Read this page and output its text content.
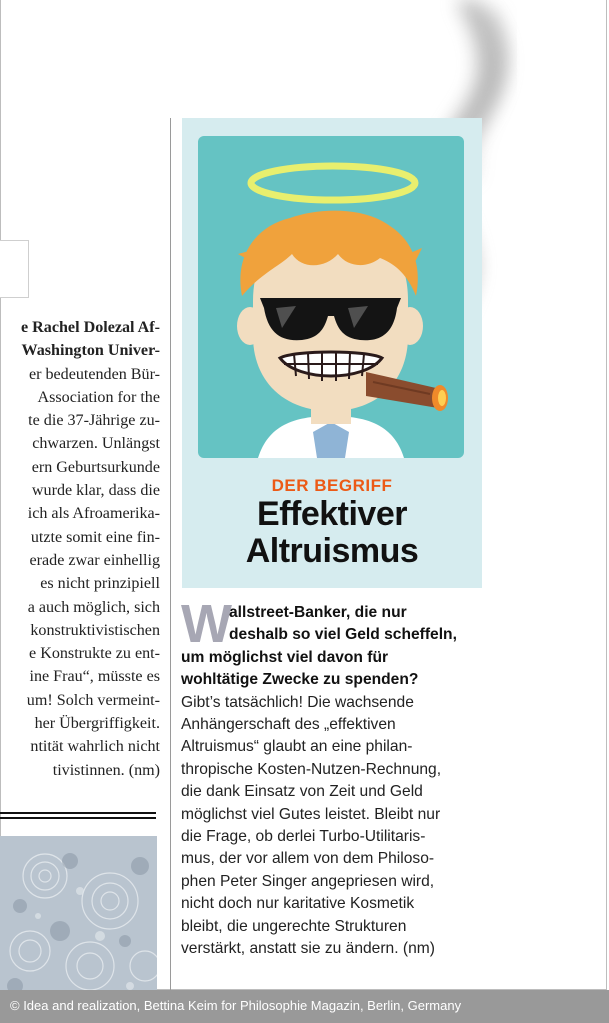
e Rachel Dolezal Af-
Washington Univer-
er bedeutenden Bür-
Association for the
te die 37-Jährige zu-
chwarzen. Unlängst
ern Geburtsurkunde
wurde klar, dass die
ich als Afroamerika-
utzte somit eine fin-
erade zwar einhellig
es nicht prinzipiell
a auch möglich, sich
konstruktivistischen
e Konstrukte zu ent-
ine Frau“, müsste es
um! Solch vermeint-
her Übergriffigkeit.
ntität wahrlich nicht
tivistinnen. (nm)
DER BEGRIFF
Effektiver
Altruismus
W
allstreet-Banker, die nur
deshalb so viel Geld scheffeln,
um möglichst viel davon für
wohltätige Zwecke zu spenden?
Gibt’s tatsächlich! Die wachsende
Anhängerschaft des „effektiven
Altruismus“ glaubt an eine philan-
thropische Kosten-Nutzen-Rechnung,
die dank Einsatz von Zeit und Geld
möglichst viel Gutes leistet. Bleibt nur
die Frage, ob derlei Turbo-Utilitaris-
mus, der vor allem von dem Philoso-
phen Peter Singer angepriesen wird,
nicht doch nur karitative Kosmetik
bleibt, die ungerechte Strukturen
verstärkt, anstatt sie zu ändern. (nm)
© Idea and realization, Bettina Keim for Philosophie Magazin, Berlin, Germany
